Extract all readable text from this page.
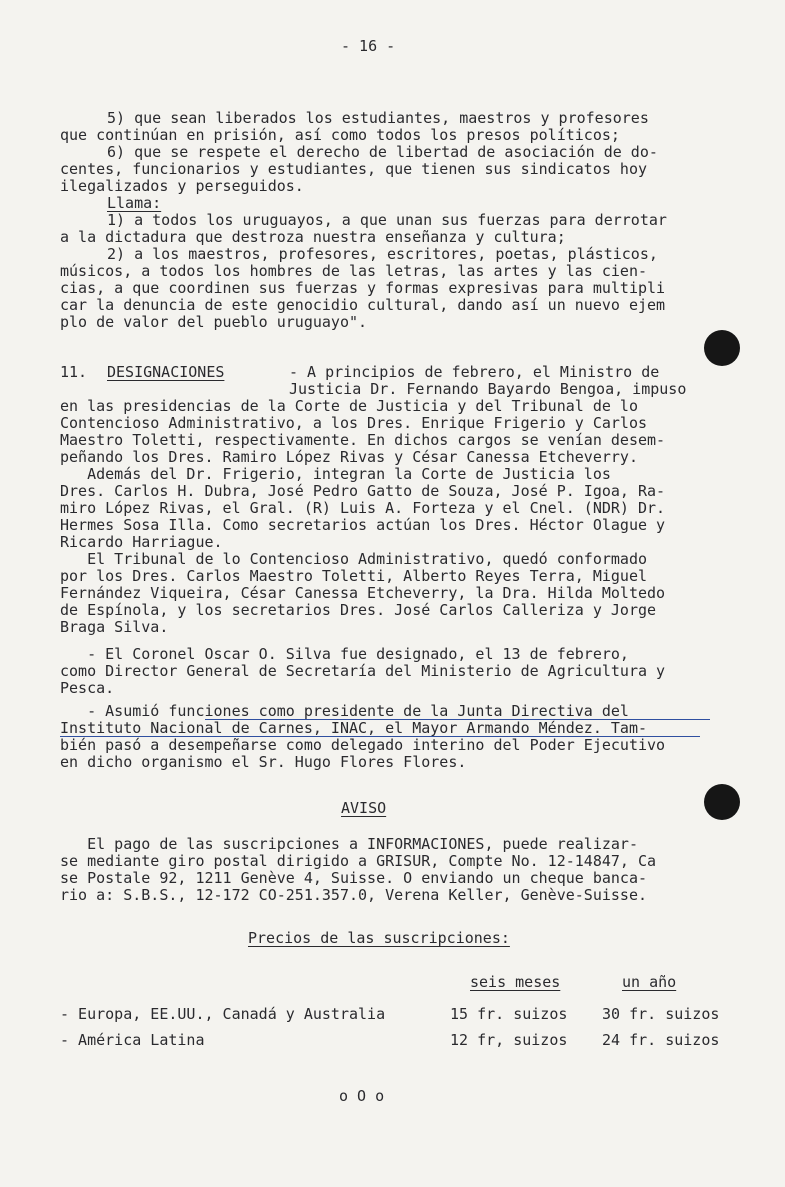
- 16 -
5) que sean liberados los estudiantes, maestros y profesores
que continúan en prisión, así como todos los presos políticos;
6) que se respete el derecho de libertad de asociación de do-
centes, funcionarios y estudiantes, que tienen sus sindicatos hoy
ilegalizados y perseguidos.
Llama:
1) a todos los uruguayos, a que unan sus fuerzas para derrotar
a la dictadura que destroza nuestra enseñanza y cultura;
2) a los maestros, profesores, escritores, poetas, plásticos,
músicos, a todos los hombres de las letras, las artes y las cien-
cias, a que coordinen sus fuerzas y formas expresivas para multipli
car la denuncia de este genocidio cultural, dando así un nuevo ejem
plo de valor del pueblo uruguayo".
11. DESIGNACIONES	- A principios de febrero, el Ministro de
Justicia Dr. Fernando Bayardo Bengoa, impuso
en las presidencias de la Corte de Justicia y del Tribunal de lo
Contencioso Administrativo, a los Dres. Enrique Frigerio y Carlos
Maestro Toletti, respectivamente. En dichos cargos se venían desem-
peñando los Dres. Ramiro López Rivas y César Canessa Etcheverry.
Además del Dr. Frigerio, integran la Corte de Justicia los
Dres. Carlos H. Dubra, José Pedro Gatto de Souza, José P. Igoa, Ra-
miro López Rivas, el Gral. (R) Luis A. Forteza y el Cnel. (NDR) Dr.
Hermes Sosa Illa. Como secretarios actúan los Dres. Héctor Olague y
Ricardo Harriague.
El Tribunal de lo Contencioso Administrativo, quedó conformado
por los Dres. Carlos Maestro Toletti, Alberto Reyes Terra, Miguel
Fernández Viqueira, César Canessa Etcheverry, la Dra. Hilda Moltedo
de Espínola, y los secretarios Dres. José Carlos Calleriza y Jorge
Braga Silva.
- El Coronel Oscar O. Silva fue designado, el 13 de febrero,
como Director General de Secretaría del Ministerio de Agricultura y
Pesca.
- Asumió funciones como presidente de la Junta Directiva del
Instituto Nacional de Carnes, INAC, el Mayor Armando Méndez. Tam-
bién pasó a desempeñarse como delegado interino del Poder Ejecutivo
en dicho organismo el Sr. Hugo Flores Flores.
AVISO
El pago de las suscripciones a INFORMACIONES, puede realizar-
se mediante giro postal dirigido a GRISUR, Compte No. 12-14847, Ca
se Postale 92, 1211 Genève 4, Suisse. O enviando un cheque banca-
rio a: S.B.S., 12-172 CO-251.357.0, Verena Keller, Genève-Suisse.
Precios de las suscripciones:
seis meses	un año
- Europa, EE.UU., Canadá y Australia	15 fr. suizos 30 fr. suizos
- América Latina	12 fr, suizos 24 fr. suizos
o O o
